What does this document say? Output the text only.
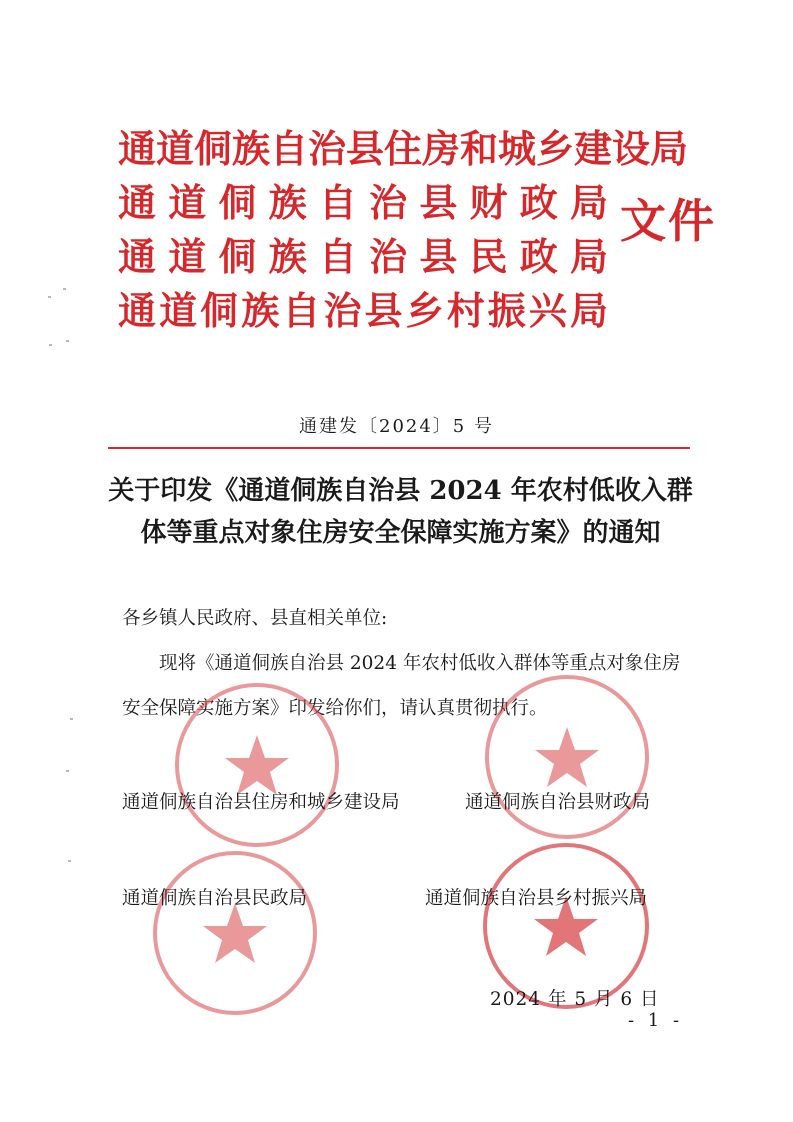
通道侗族自治县住房和城乡建设局
通道侗族自治县财政局
通道侗族自治县民政局
通道侗族自治县乡村振兴局
文件
通建发〔2024〕5 号
关于印发《通道侗族自治县 2024 年农村低收入群
体等重点对象住房安全保障实施方案》的通知

各乡镇人民政府、县直相关单位:

现将《通道侗族自治县 2024 年农村低收入群体等重点对象住房安全保障实施方案》印发给你们，请认真贯彻执行。

通道侗族自治县住房和城乡建设局	通道侗族自治县财政局
通道侗族自治县民政局	通道侗族自治县乡村振兴局
2024 年 5 月 6 日
- 1 -
